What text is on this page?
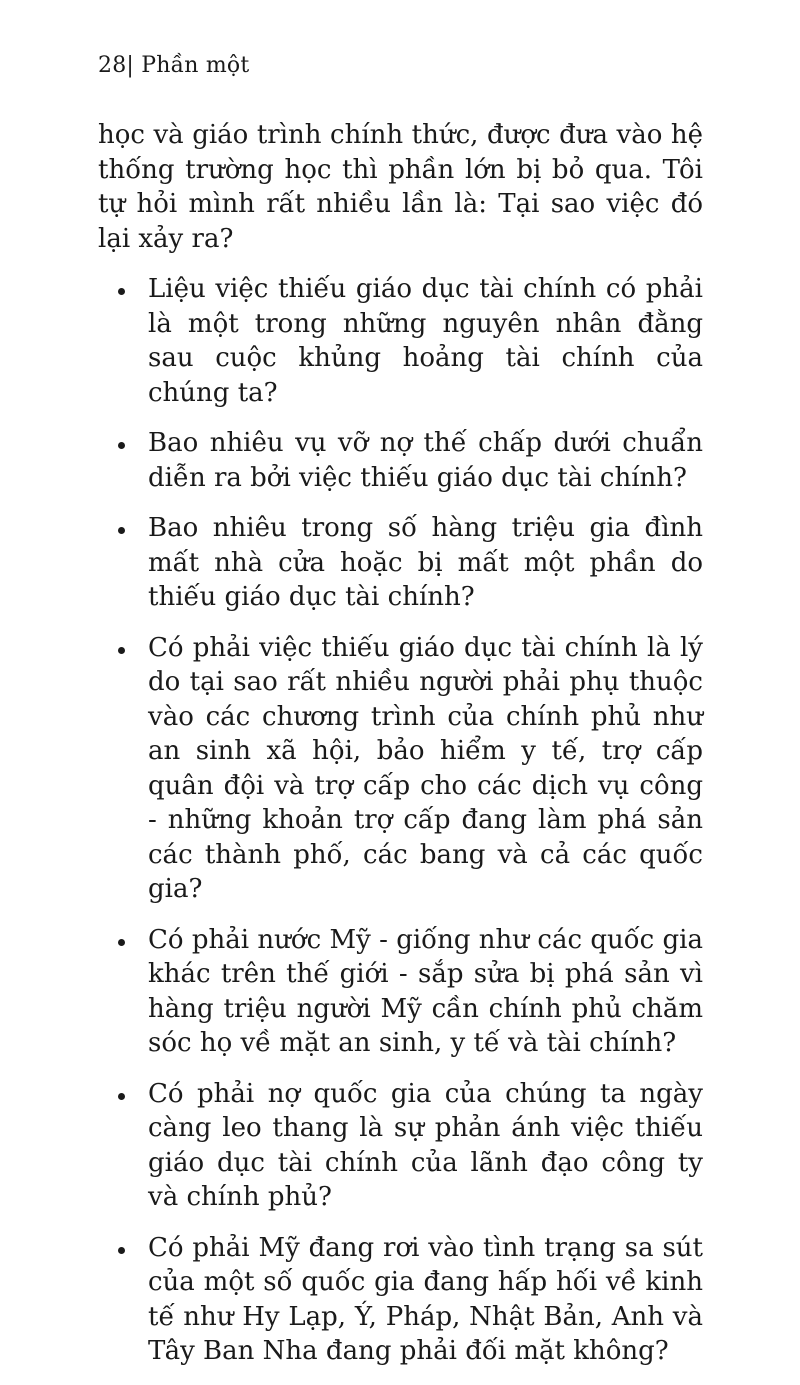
28| Phần một

học và giáo trình chính thức, được đưa vào hệ thống trường học thì phần lớn bị bỏ qua. Tôi tự hỏi mình rất nhiều lần là: Tại sao việc đó lại xảy ra?

Liệu việc thiếu giáo dục tài chính có phải là một trong những nguyên nhân đằng sau cuộc khủng hoảng tài chính của chúng ta?
Bao nhiêu vụ vỡ nợ thế chấp dưới chuẩn diễn ra bởi việc thiếu giáo dục tài chính?
Bao nhiêu trong số hàng triệu gia đình mất nhà cửa hoặc bị mất một phần do thiếu giáo dục tài chính?
Có phải việc thiếu giáo dục tài chính là lý do tại sao rất nhiều người phải phụ thuộc vào các chương trình của chính phủ như an sinh xã hội, bảo hiểm y tế, trợ cấp quân đội và trợ cấp cho các dịch vụ công - những khoản trợ cấp đang làm phá sản các thành phố, các bang và cả các quốc gia?
Có phải nước Mỹ - giống như các quốc gia khác trên thế giới - sắp sửa bị phá sản vì hàng triệu người Mỹ cần chính phủ chăm sóc họ về mặt an sinh, y tế và tài chính?
Có phải nợ quốc gia của chúng ta ngày càng leo thang là sự phản ánh việc thiếu giáo dục tài chính của lãnh đạo công ty và chính phủ?
Có phải Mỹ đang rơi vào tình trạng sa sút của một số quốc gia đang hấp hối về kinh tế như Hy Lạp, Ý, Pháp, Nhật Bản, Anh và Tây Ban Nha đang phải đối mặt không?
